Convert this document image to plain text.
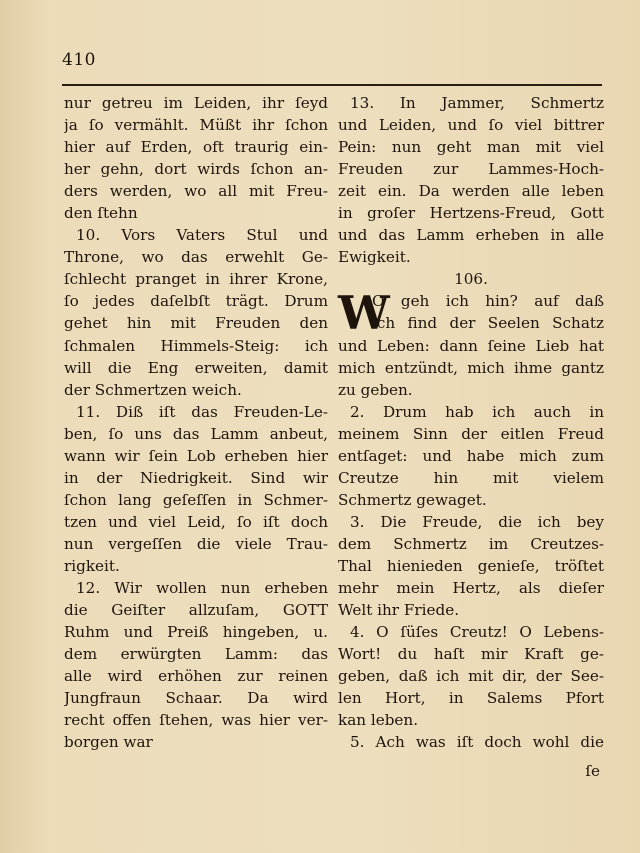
410
nur getreu im Leiden, ihr ſeyd
ja ſo vermählt. Müßt ihr ſchon
hier auf Erden, oft traurig ein-
her gehn, dort wirds ſchon an-
ders werden, wo all mit Freu-
den ſtehn
10. Vors Vaters Stul und
Throne, wo das erwehlt Ge-
ſchlecht pranget in ihrer Krone,
ſo jedes daſelbſt trägt. Drum
gehet hin mit Freuden den
ſchmalen Himmels-Steig: ich
will die Eng erweiten, damit
der Schmertzen weich.
11. Diß iſt das Freuden-Le-
ben, ſo uns das Lamm anbeut,
wann wir ſein Lob erheben hier
in der Niedrigkeit. Sind wir
ſchon lang geſeſſen in Schmer-
tzen und viel Leid, ſo iſt doch
nun vergeſſen die viele Trau-
rigkeit.
12. Wir wollen nun erheben
die Geiſter allzuſam, GOTT
Ruhm und Preiß hingeben, u.
dem erwürgten Lamm: das
alle wird erhöhen zur reinen
Jungfraun Schaar. Da wird
recht offen ſtehen, was hier ver-
borgen war
13. In Jammer, Schmertz
und Leiden, und ſo viel bittrer
Pein: nun geht man mit viel
Freuden zur Lammes-Hoch-
zeit ein. Da werden alle leben
in groſer Hertzens-Freud, Gott
und das Lamm erheben in alle
Ewigkeit.
106.
O geh ich hin? auf daß
ich find der Seelen Schatz
und Leben: dann ſeine Lieb hat
mich entzündt, mich ihme gantz
zu geben.
2. Drum hab ich auch in
meinem Sinn der eitlen Freud
entſaget: und habe mich zum
Creutze hin mit vielem
Schmertz gewaget.
3. Die Freude, die ich bey
dem Schmertz im Creutzes-
Thal hienieden genieſe, tröſtet
mehr mein Hertz, als dieſer
Welt ihr Friede.
4. O ſüſes Creutz! O Lebens-
Wort! du haſt mir Kraft ge-
geben, daß ich mit dir, der See-
len Hort, in Salems Pfort
kan leben.
5. Ach was iſt doch wohl die
W
ſe
